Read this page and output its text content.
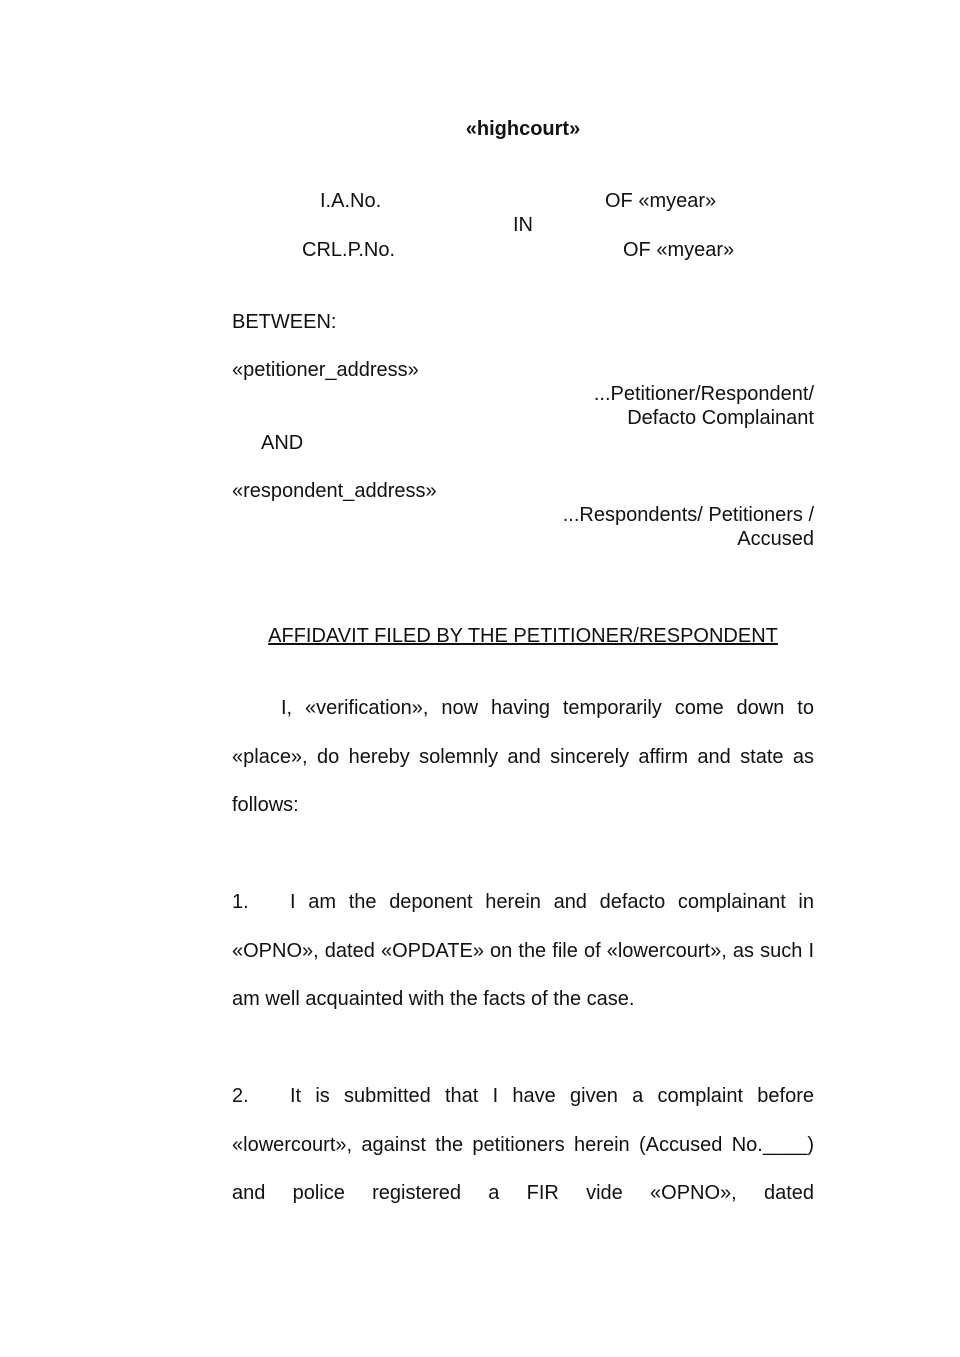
«highcourt»
I.A.No.	OF «myear»
IN
CRL.P.No.	OF «myear»
BETWEEN:
«petitioner_address»
...Petitioner/Respondent/
Defacto Complainant
AND
«respondent_address»
...Respondents/ Petitioners /
Accused
AFFIDAVIT FILED BY THE PETITIONER/RESPONDENT
I, «verification», now having temporarily come down to «place», do hereby solemnly and sincerely affirm and state as follows:
1. I am the deponent herein and defacto complainant in «OPNO», dated «OPDATE» on the file of «lowercourt», as such I am well acquainted with the facts of the case.
2. It is submitted that I have given a complaint before «lowercourt», against the petitioners herein (Accused No.____) and police registered a FIR vide «OPNO», dated
